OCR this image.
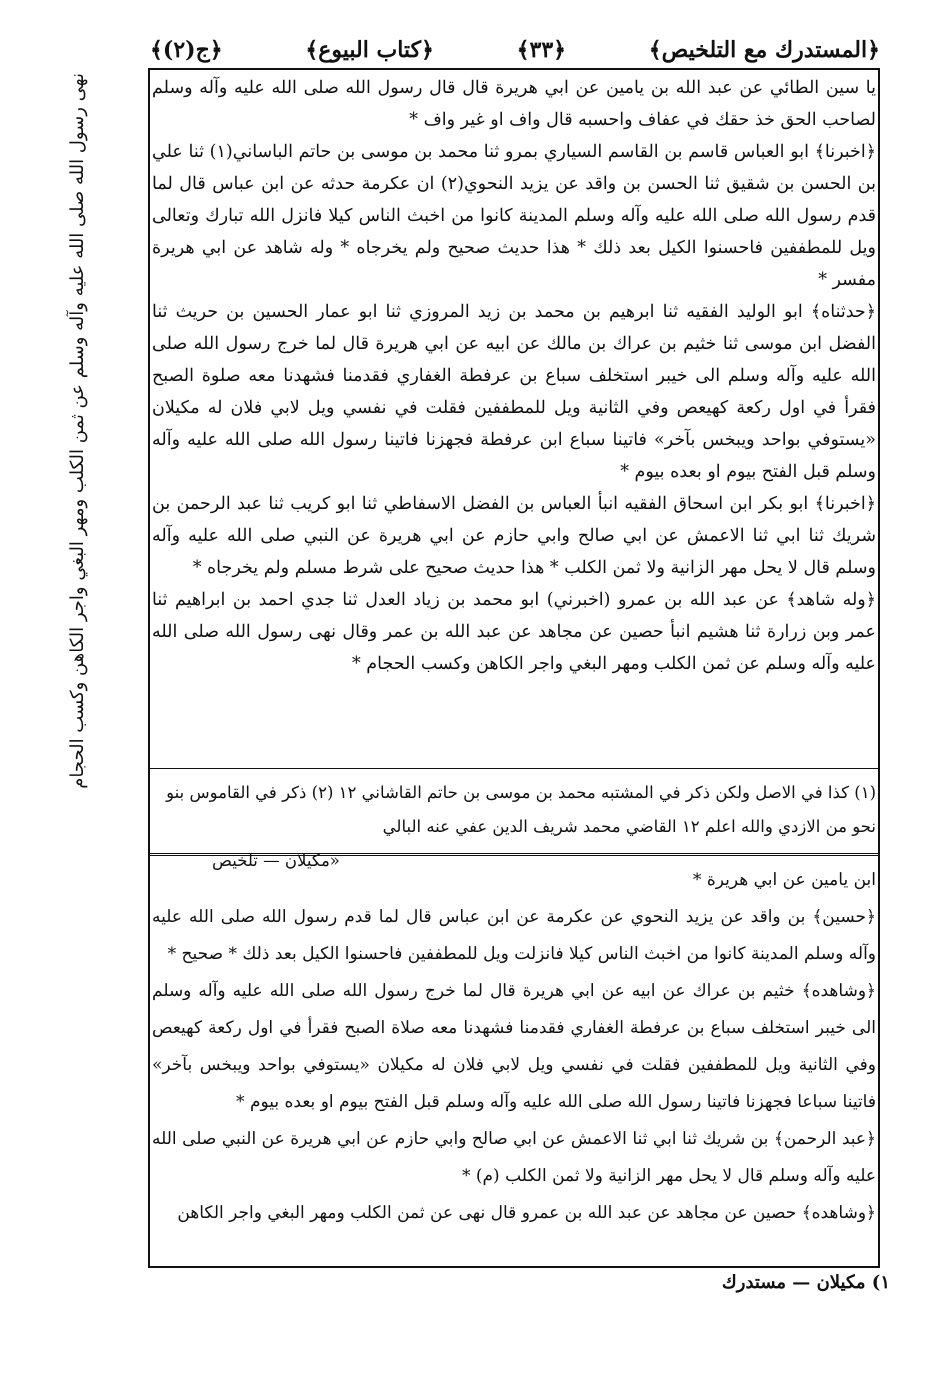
﴿المستدرك مع التلخيص﴾
﴿٣٣﴾
﴿كتاب البيوع﴾
﴿ج(٢)﴾
نهى رسول الله صلى الله عليه وآله وسلم عن ثمن الكلب ومهر البغي واجر الكاهن وكسب الحجام	يا سين الطائي عن عبد الله بن يامين عن ابي هريرة قال قال رسول الله صلى الله عليه وآله وسلم لصاحب الحق خذ حقك في عفاف واحسبه قال واف او غير واف *

﴿اخبرنا﴾ ابو العباس قاسم بن القاسم السياري بمرو ثنا محمد بن موسى بن حاتم الباساني(١) ثنا علي بن الحسن بن شقيق ثنا الحسن بن واقد عن يزيد النحوي(٢) ان عكرمة حدثه عن ابن عباس قال لما قدم رسول الله صلى الله عليه وآله وسلم المدينة كانوا من اخبث الناس كيلا فانزل الله تبارك وتعالى ويل للمطففين فاحسنوا الكيل بعد ذلك * هذا حديث صحيح ولم يخرجاه * وله شاهد عن ابي هريرة مفسر *

﴿حدثناه﴾ ابو الوليد الفقيه ثنا ابرهيم بن محمد بن زيد المروزي ثنا ابو عمار الحسين بن حريث ثنا الفضل ابن موسى ثنا خثيم بن عراك بن مالك عن ابيه عن ابي هريرة قال لما خرج رسول الله صلى الله عليه وآله وسلم الى خيبر استخلف سباع بن عرفطة الغفاري فقدمنا فشهدنا معه صلوة الصبح فقرأ في اول ركعة كهيعص وفي الثانية ويل للمطففين فقلت في نفسي ويل لابي فلان له مكيلان «يستوفي بواحد ويبخس بآخر» فاتينا سباع ابن عرفطة فجهزنا فاتينا رسول الله صلى الله عليه وآله وسلم قبل الفتح بيوم او بعده بيوم *

﴿اخبرنا﴾ ابو بكر ابن اسحاق الفقيه انبأ العباس بن الفضل الاسفاطي ثنا ابو كريب ثنا عبد الرحمن بن شريك ثنا ابي ثنا الاعمش عن ابي صالح وابي حازم عن ابي هريرة عن النبي صلى الله عليه وآله وسلم قال لا يحل مهر الزانية ولا ثمن الكلب * هذا حديث صحيح على شرط مسلم ولم يخرجاه *

﴿وله شاهد﴾ عن عبد الله بن عمرو (اخبرني) ابو محمد بن زياد العدل ثنا جدي احمد بن ابراهيم ثنا عمر وبن زرارة ثنا هشيم انبأ حصين عن مجاهد عن عبد الله بن عمر وقال نهى رسول الله صلى الله عليه وآله وسلم عن ثمن الكلب ومهر البغي واجر الكاهن وكسب الحجام *

(١) كذا في الاصل ولكن ذكر في المشتبه محمد بن موسى بن حاتم القاشاني ١٢ (٢) ذكر في القاموس بنو نحو من الازدي والله اعلم ١٢ القاضي محمد شريف الدين عفي عنه البالي
«مكيلان — تلخيص

ابن يامين عن ابي هريرة *

﴿حسين﴾ بن واقد عن يزيد النحوي عن عكرمة عن ابن عباس قال لما قدم رسول الله صلى الله عليه وآله وسلم المدينة كانوا من اخبث الناس كيلا فانزلت ويل للمطففين فاحسنوا الكيل بعد ذلك * صحيح *

﴿وشاهده﴾ خثيم بن عراك عن ابيه عن ابي هريرة قال لما خرج رسول الله صلى الله عليه وآله وسلم الى خيبر استخلف سباع بن عرفطة الغفاري فقدمنا فشهدنا معه صلاة الصبح فقرأ في اول ركعة كهيعص وفي الثانية ويل للمطففين فقلت في نفسي ويل لابي فلان له مكيلان «يستوفي بواحد ويبخس بآخر» فاتينا سباعا فجهزنا فاتينا رسول الله صلى الله عليه وآله وسلم قبل الفتح بيوم او بعده بيوم *

﴿عبد الرحمن﴾ بن شريك ثنا ابي ثنا الاعمش عن ابي صالح وابي حازم عن ابي هريرة عن النبي صلى الله عليه وآله وسلم قال لا يحل مهر الزانية ولا ثمن الكلب (م) *

﴿وشاهده﴾ حصين عن مجاهد عن عبد الله بن عمرو قال نهى عن ثمن الكلب ومهر البغي واجر الكاهن

١) مكيلان — مستدرك
